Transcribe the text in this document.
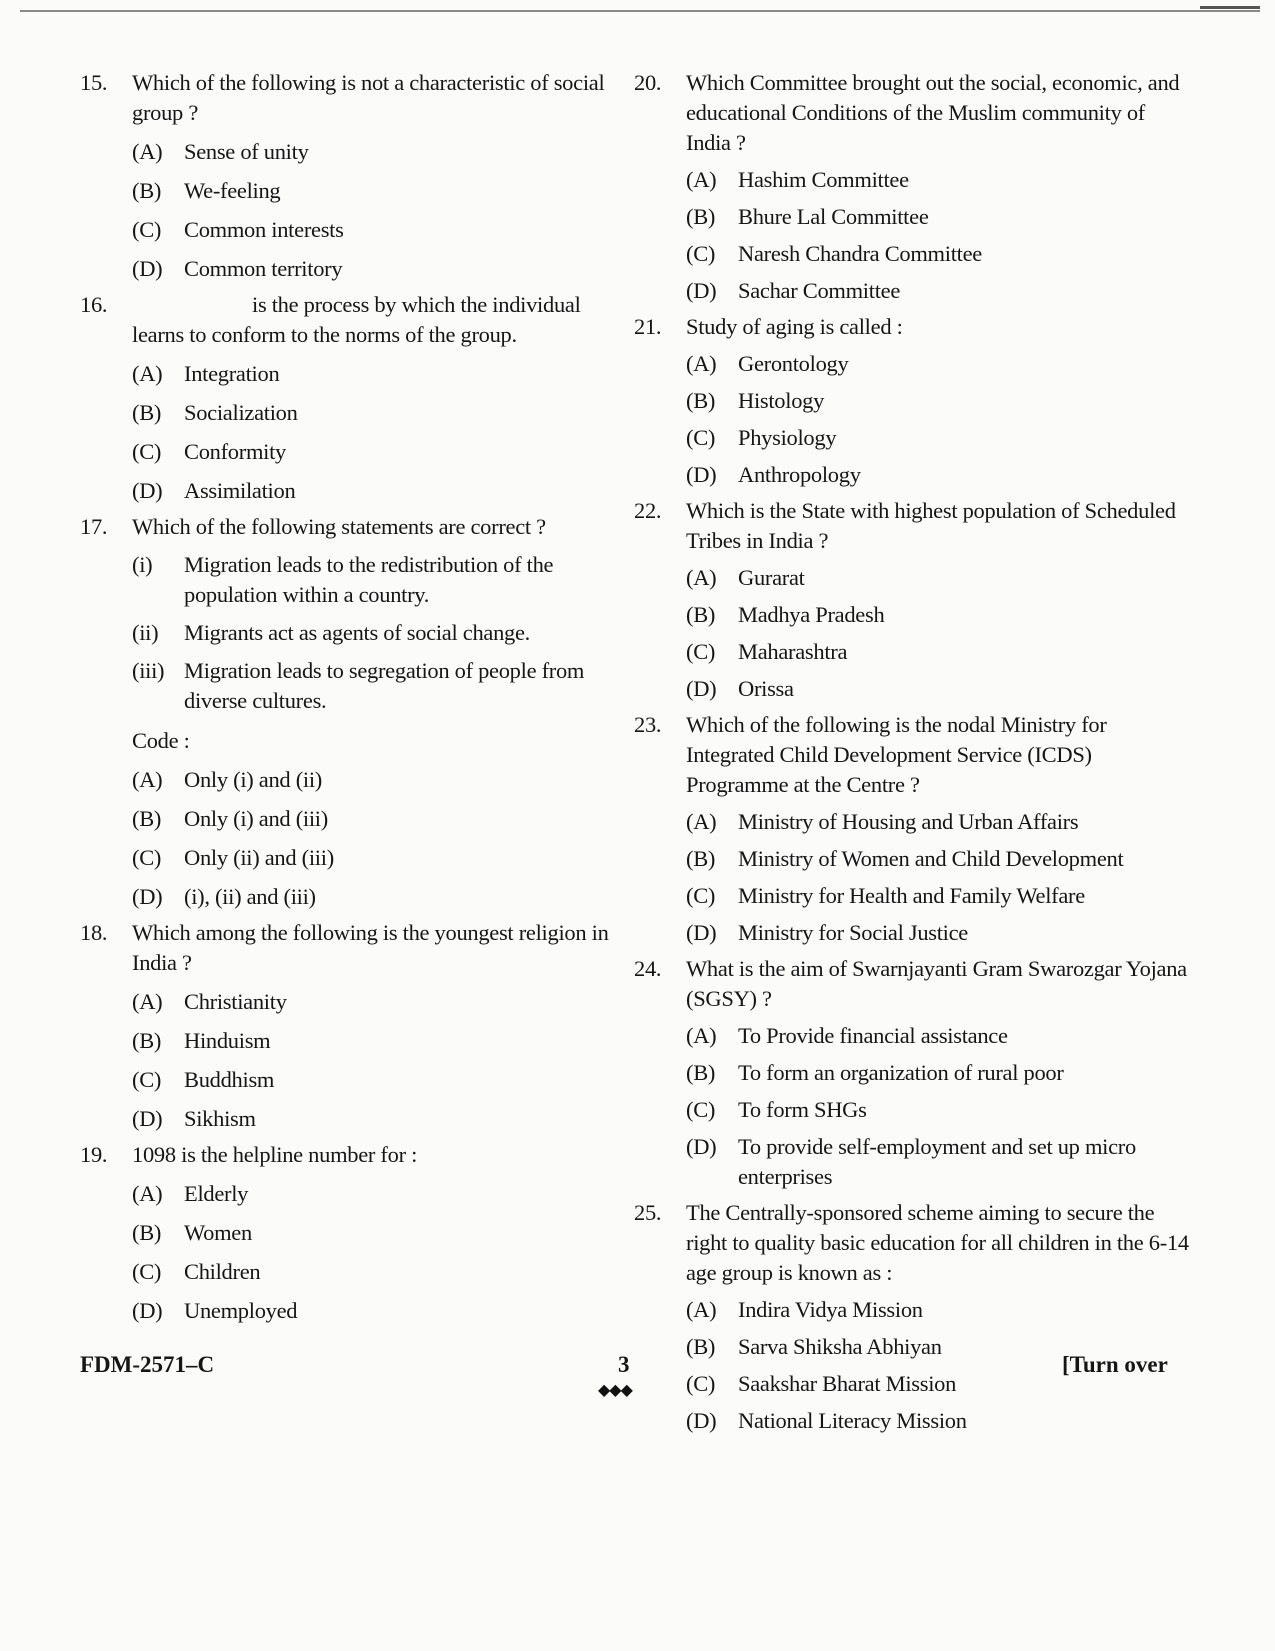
15.	Which of the following is not a characteristic of social group ?
(A) Sense of unity
(B)	We-feeling
(C)	Common interests
(D) Common territory
16.	is the process by which the individual learns to conform to the norms of the group.
(A) Integration
(B)	Socialization
(C)	Conformity
(D) Assimilation
17.	Which of the following statements are correct ?
(i)	Migration leads to the redistribution of the population within a country.
(ii)	Migrants act as agents of social change.
(iii) Migration leads to segregation of people from diverse cultures.
Code :
(A) Only (i) and (ii)
(B)	Only (i) and (iii)
(C)	Only (ii) and (iii)
(D) (i), (ii) and (iii)
18.	Which among the following is the youngest religion in India ?
(A) Christianity
(B)	Hinduism
(C)	Buddhism
(D) Sikhism
19.	1098 is the helpline number for :
(A) Elderly
(B)	Women
(C)	Children
(D) Unemployed
20.	Which Committee brought out the social, economic, and educational Conditions of the Muslim community of India ?
(A) Hashim Committee
(B)	Bhure Lal Committee
(C)	Naresh Chandra Committee
(D) Sachar Committee
21.	Study of aging is called :
(A) Gerontology
(B)	Histology
(C)	Physiology
(D) Anthropology
22.	Which is the State with highest population of Scheduled Tribes in India ?
(A) Gurarat
(B)	Madhya Pradesh
(C)	Maharashtra
(D) Orissa
23.	Which of the following is the nodal Ministry for Integrated Child Development Service (ICDS) Programme at the Centre ?
(A) Ministry of Housing and Urban Affairs
(B)	Ministry of Women and Child Development
(C)	Ministry for Health and Family Welfare
(D) Ministry for Social Justice
24.	What is the aim of Swarnjayanti Gram Swarozgar Yojana (SGSY) ?
(A) To Provide financial assistance
(B)	To form an organization of rural poor
(C)	To form SHGs
(D) To provide self-employment and set up micro enterprises
25.	The Centrally-sponsored scheme aiming to secure the right to quality basic education for all children in the 6-14 age group is known as :
(A) Indira Vidya Mission
(B)	Sarva Shiksha Abhiyan
(C)	Saakshar Bharat Mission
(D) National Literacy Mission
FDM-2571–C	3
◆◆◆
[Turn over
